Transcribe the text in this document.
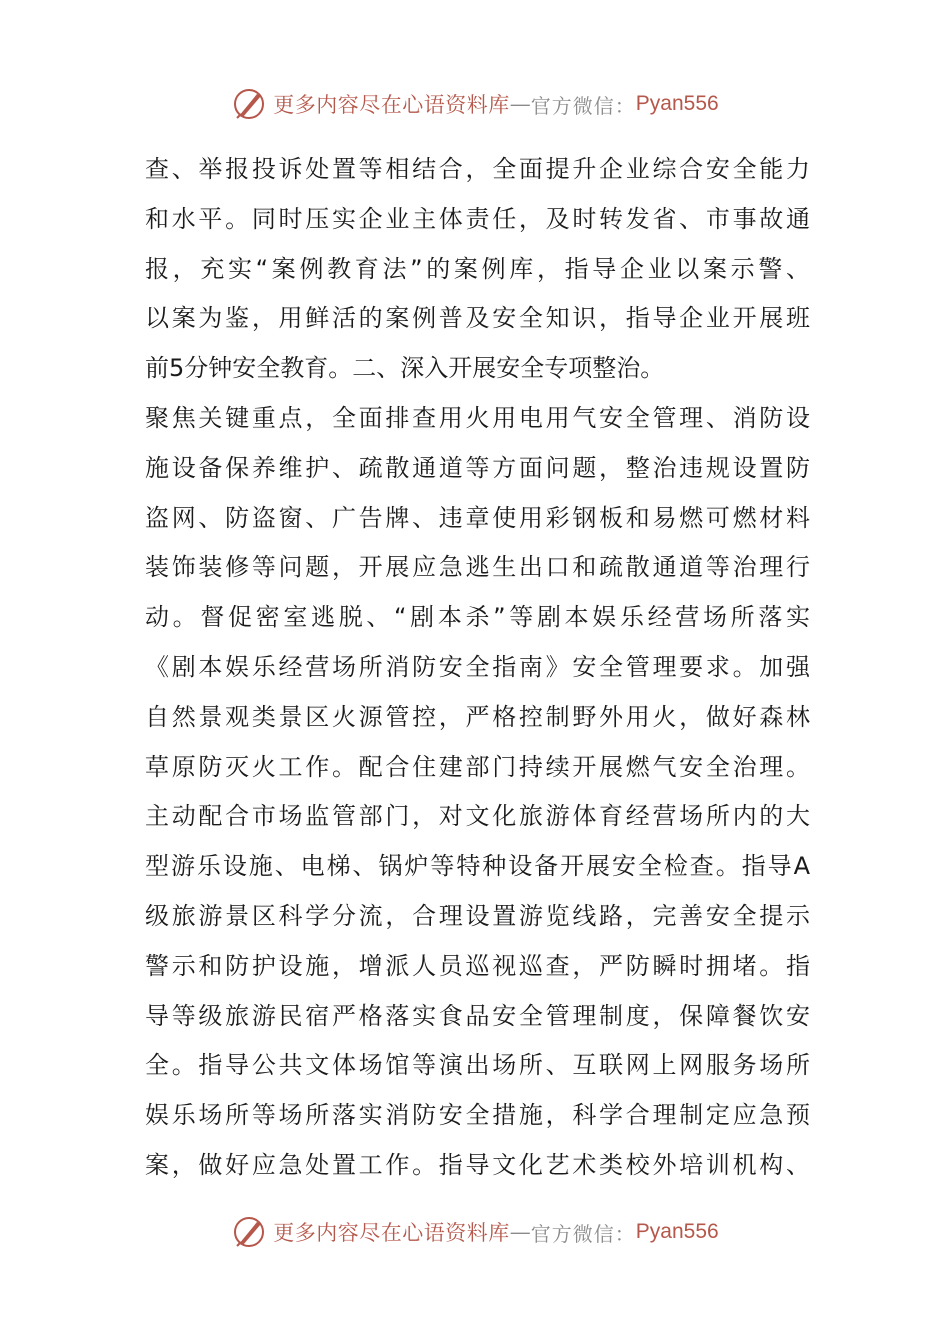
更多内容尽在心语资料库 — 官方微信： Pyan556
查、举报投诉处置等相结合，全面提升企业综合安全能力
和水平。同时压实企业主体责任，及时转发省、市事故通
报，充实“案例教育法”的案例库，指导企业以案示警、
以案为鉴，用鲜活的案例普及安全知识，指导企业开展班
前5分钟安全教育。二、深入开展安全专项整治。
聚焦关键重点，全面排查用火用电用气安全管理、消防设
施设备保养维护、疏散通道等方面问题，整治违规设置防
盗网、防盗窗、广告牌、违章使用彩钢板和易燃可燃材料
装饰装修等问题，开展应急逃生出口和疏散通道等治理行
动。督促密室逃脱、“剧本杀”等剧本娱乐经营场所落实
《剧本娱乐经营场所消防安全指南》安全管理要求。加强
自然景观类景区火源管控，严格控制野外用火，做好森林
草原防灭火工作。配合住建部门持续开展燃气安全治理。
主动配合市场监管部门，对文化旅游体育经营场所内的大
型游乐设施、电梯、锅炉等特种设备开展安全检查。指导A
级旅游景区科学分流，合理设置游览线路，完善安全提示
警示和防护设施，增派人员巡视巡查，严防瞬时拥堵。指
导等级旅游民宿严格落实食品安全管理制度，保障餐饮安
全。指导公共文体场馆等演出场所、互联网上网服务场所
娱乐场所等场所落实消防安全措施，科学合理制定应急预
案，做好应急处置工作。指导文化艺术类校外培训机构、
更多内容尽在心语资料库 — 官方微信： Pyan556
